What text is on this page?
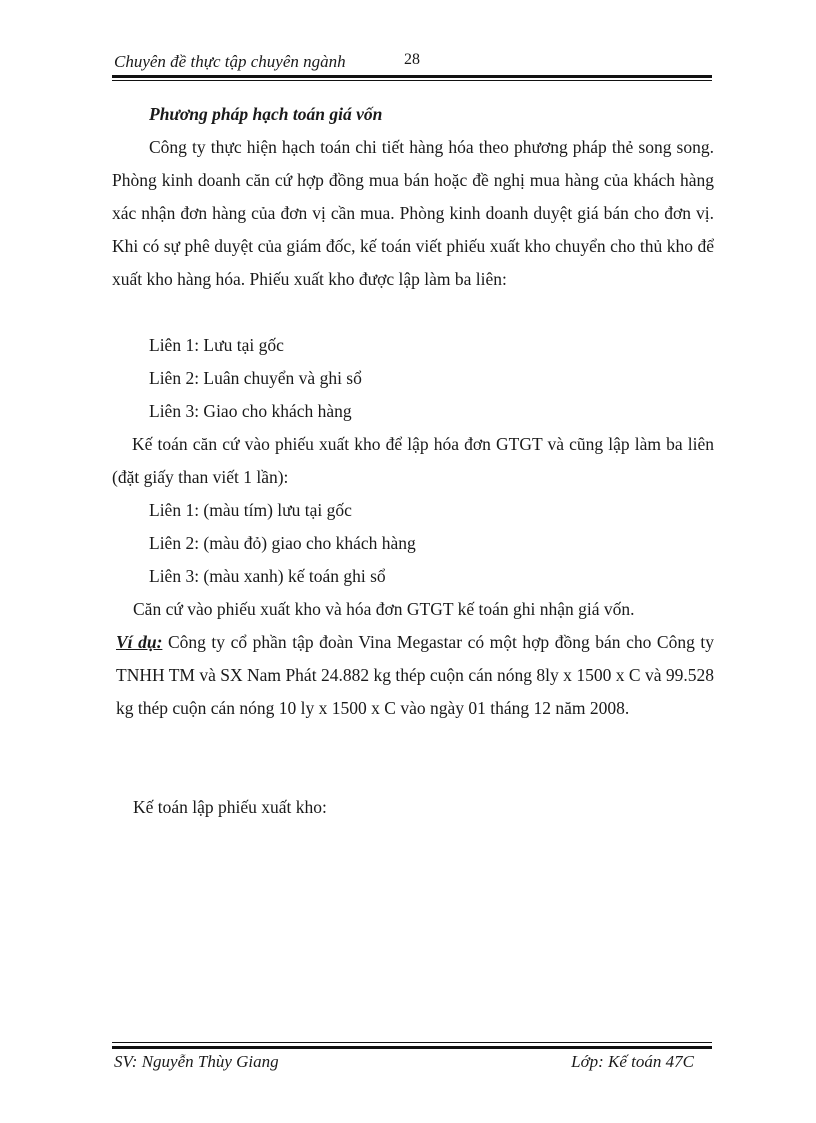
Chuyên đề thực tập chuyên ngành	28
Phương pháp hạch toán giá vốn
Công ty thực hiện hạch toán chi tiết hàng hóa theo phương pháp thẻ song song. Phòng kinh doanh căn cứ hợp đồng mua bán hoặc đề nghị mua hàng của khách hàng xác nhận đơn hàng của đơn vị cần mua. Phòng kinh doanh duyệt giá bán cho đơn vị. Khi có sự phê duyệt của giám đốc, kế toán viết phiếu xuất kho chuyển cho thủ kho để xuất kho hàng hóa. Phiếu xuất kho được lập làm ba liên:
Liên 1: Lưu tại gốc
Liên 2: Luân chuyển và ghi sổ
Liên 3: Giao cho khách hàng
Kế toán căn cứ vào phiếu xuất kho để lập hóa đơn GTGT và cũng lập làm ba liên (đặt giấy than viết 1 lần):
Liên 1: (màu tím) lưu tại gốc
Liên 2: (màu đỏ) giao cho khách hàng
Liên 3: (màu xanh) kế toán ghi sổ
Căn cứ vào phiếu xuất kho và hóa đơn GTGT kế toán ghi nhận giá vốn.
Ví dụ: Công ty cổ phần tập đoàn Vina Megastar có một hợp đồng bán cho Công ty TNHH TM và SX Nam Phát 24.882 kg thép cuộn cán nóng 8ly x 1500 x C và 99.528 kg thép cuộn cán nóng 10 ly x 1500 x C vào ngày 01 tháng 12 năm 2008.
Kế toán lập phiếu xuất kho:
SV: Nguyễn Thùy Giang	Lớp: Kế toán 47C
